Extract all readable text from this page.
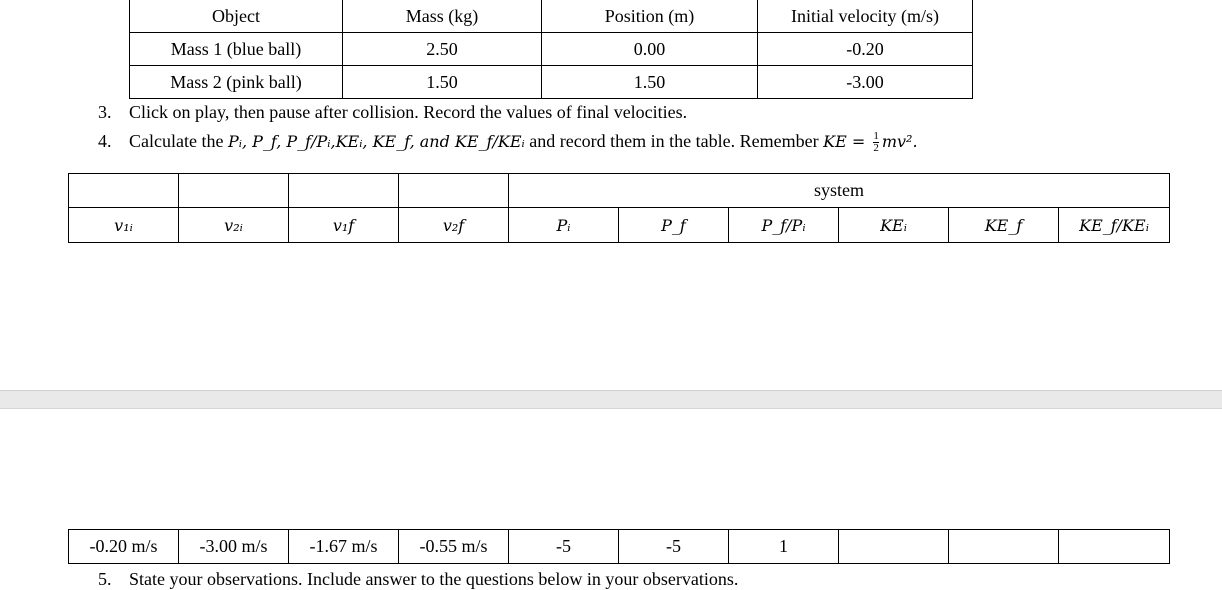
Object	Mass (kg)	Position (m)	Initial velocity (m/s)
Mass 1 (blue ball)	2.50	0.00	-0.20
Mass 2 (pink ball)	1.50	1.50	-3.00
3. Click on play, then pause after collision. Record the values of final velocities.
4. Calculate the Pᵢ, P_f, P_f/Pᵢ,KEᵢ, KE_f, and KE_f/KEᵢ and record them in the table. Remember KE = $\frac{1}{2} mv^2$.
				system					
v₁ᵢ	v₂ᵢ	v₁f	v₂f	Pᵢ	P_f	P_f/Pᵢ	KEᵢ	KE_f	KE_f/KEᵢ
-0.20 m/s	-3.00 m/s	-1.67 m/s	-0.55 m/s	-5	-5	1			
5. State your observations. Include answer to the questions below in your observations.
